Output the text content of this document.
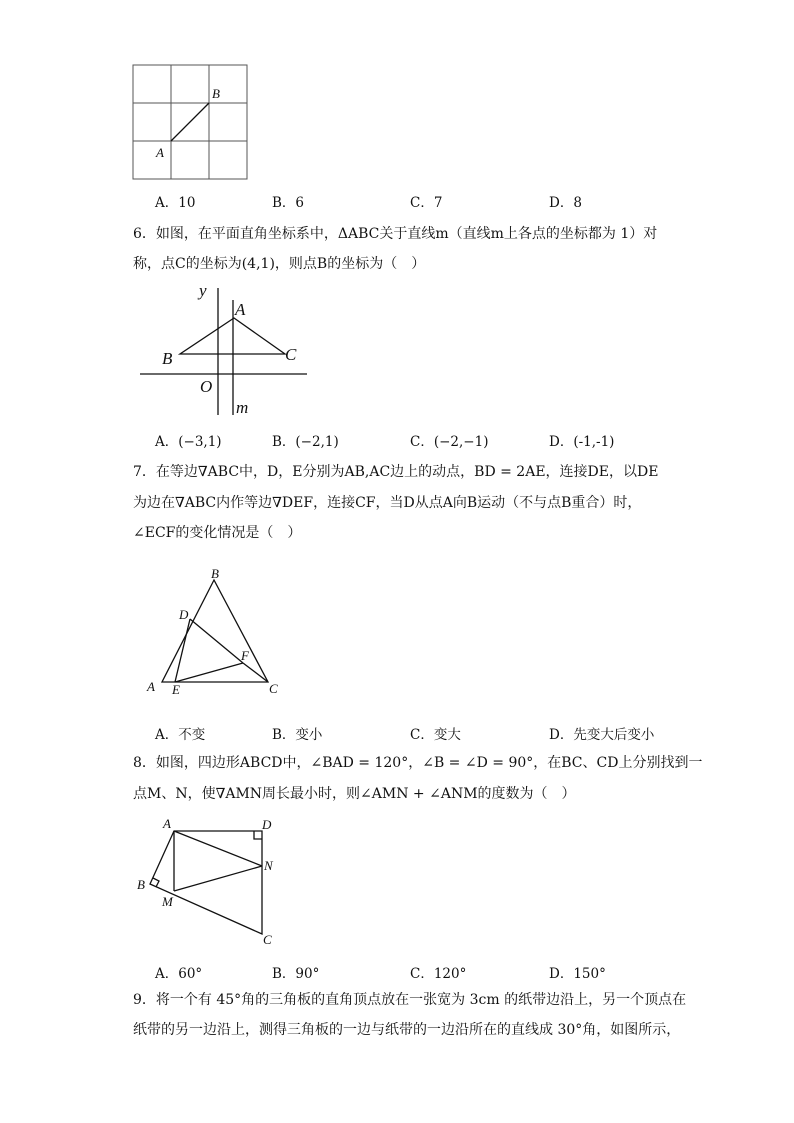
A
B
A．10	B．6	C．7	D．8
6．如图，在平面直角坐标系中，ΔABC关于直线m（直线m上各点的坐标都为 1）对
称，点C的坐标为(4,1)，则点B的坐标为（　）
y
A
B	C
O
m
A．(−3,1)	B．(−2,1)	C．(−2,−1)	D．(-1,-1)
7．在等边∇ABC中，D，E分别为AB,AC边上的动点，BD = 2AE，连接DE，以DE
为边在∇ABC内作等边∇DEF，连接CF，当D从点A向B运动（不与点B重合）时，
∠ECF的变化情况是（　）
B
D
F
A E	C
A．不变	B．变小	C．变大	D．先变大后变小
8．如图，四边形ABCD中，∠BAD = 120°，∠B = ∠D = 90°，在BC、CD上分别找到一
点M、N，使∇AMN周长最小时，则∠AMN + ∠ANM的度数为（　）
A	D
N
B
M
C
A．60°	B．90°	C．120°	D．150°
9．将一个有 45°角的三角板的直角顶点放在一张宽为 3cm 的纸带边沿上，另一个顶点在
纸带的另一边沿上，测得三角板的一边与纸带的一边沿所在的直线成 30°角，如图所示，
